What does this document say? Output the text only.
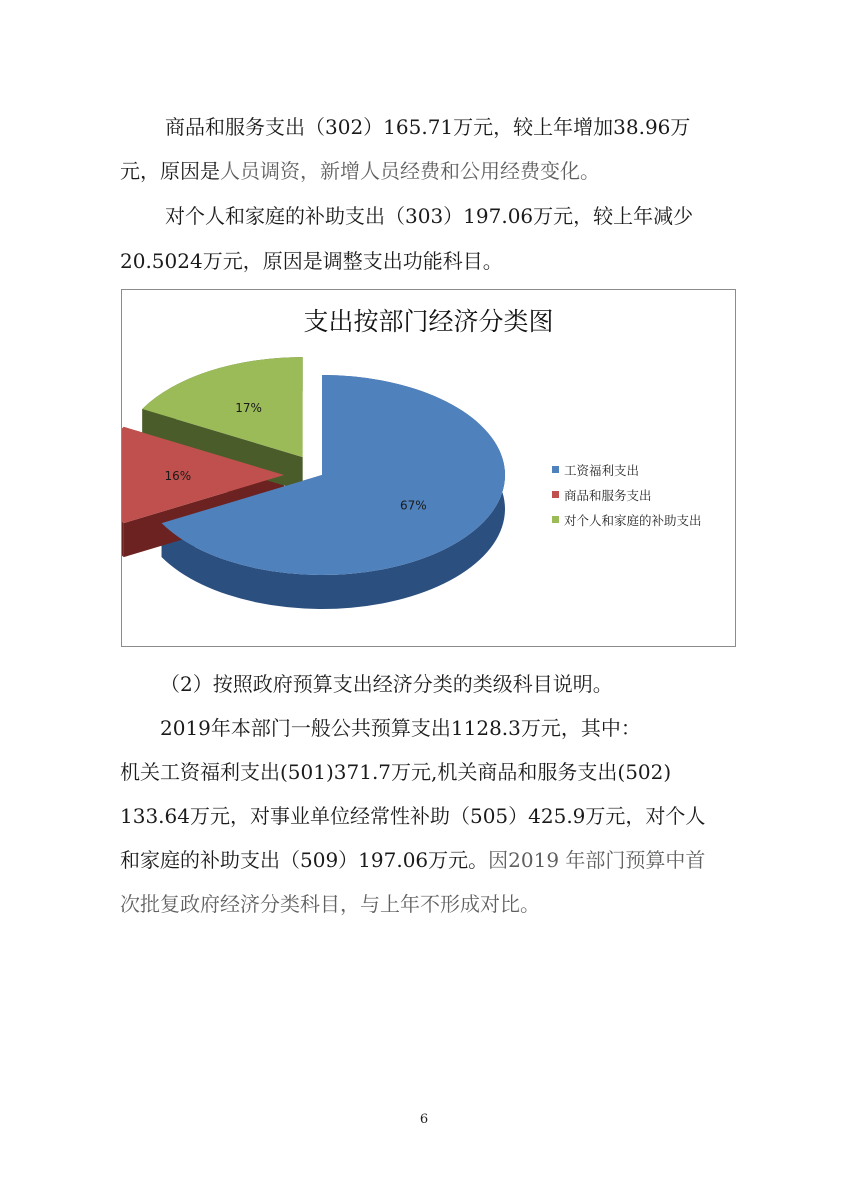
商品和服务支出（302）165.71万元，较上年增加38.96万
元，原因是人员调资，新增人员经费和公用经费变化。
对个人和家庭的补助支出（303）197.06万元，较上年减少
20.5024万元，原因是调整支出功能科目。
支出按部门经济分类图
67%
16%
17%
工资福利支出
商品和服务支出
对个人和家庭的补助支出
（2）按照政府预算支出经济分类的类级科目说明。
2019年本部门一般公共预算支出1128.3万元，其中：
机关工资福利支出(501)371.7万元,机关商品和服务支出(502)
133.64万元，对事业单位经常性补助（505）425.9万元，对个人
和家庭的补助支出（509）197.06万元。因2019 年部门预算中首
次批复政府经济分类科目，与上年不形成对比。
6
